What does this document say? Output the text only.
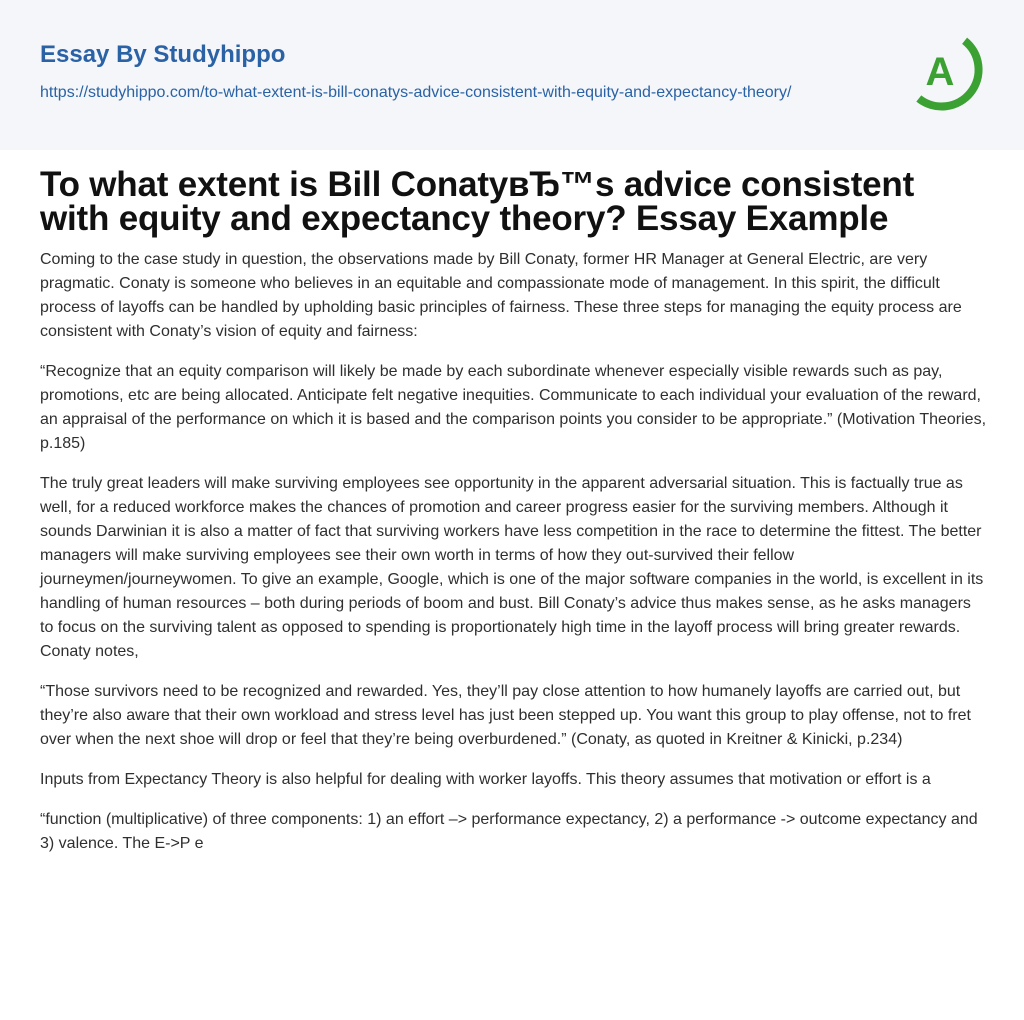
Essay By Studyhippo
https://studyhippo.com/to-what-extent-is-bill-conatys-advice-consistent-with-equity-and-expectancy-theory/	A
To what extent is Bill ConatyвЂ™s advice consistent with equity and expectancy theory? Essay Example

Coming to the case study in question, the observations made by Bill Conaty, former HR Manager at General Electric, are very pragmatic. Conaty is someone who believes in an equitable and compassionate mode of management. In this spirit, the difficult process of layoffs can be handled by upholding basic principles of fairness. These three steps for managing the equity process are consistent with Conaty’s vision of equity and fairness:

“Recognize that an equity comparison will likely be made by each subordinate whenever especially visible rewards such as pay, promotions, etc are being allocated. Anticipate felt negative inequities. Communicate to each individual your evaluation of the reward, an appraisal of the performance on which it is based and the comparison points you consider to be appropriate.” (Motivation Theories, p.185)

The truly great leaders will make surviving employees see opportunity in the apparent adversarial situation. This is factually true as well, for a reduced workforce makes the chances of promotion and career progress easier for the surviving members. Although it sounds Darwinian it is also a matter of fact that surviving workers have less competition in the race to determine the fittest. The better managers will make surviving employees see their own worth in terms of how they out-survived their fellow journeymen/journeywomen. To give an example, Google, which is one of the major software companies in the world, is excellent in its handling of human resources – both during periods of boom and bust. Bill Conaty’s advice thus makes sense, as he asks managers to focus on the surviving talent as opposed to spending is proportionately high time in the layoff process will bring greater rewards. Conaty notes,

“Those survivors need to be recognized and rewarded. Yes, they’ll pay close attention to how humanely layoffs are carried out, but they’re also aware that their own workload and stress level has just been stepped up. You want this group to play offense, not to fret over when the next shoe will drop or feel that they’re being overburdened.” (Conaty, as quoted in Kreitner & Kinicki, p.234)

Inputs from Expectancy Theory is also helpful for dealing with worker layoffs. This theory assumes that motivation or effort is a

“function (multiplicative) of three components: 1) an effort –> performance expectancy, 2) a performance -> outcome expectancy and 3) valence. The E->P e
